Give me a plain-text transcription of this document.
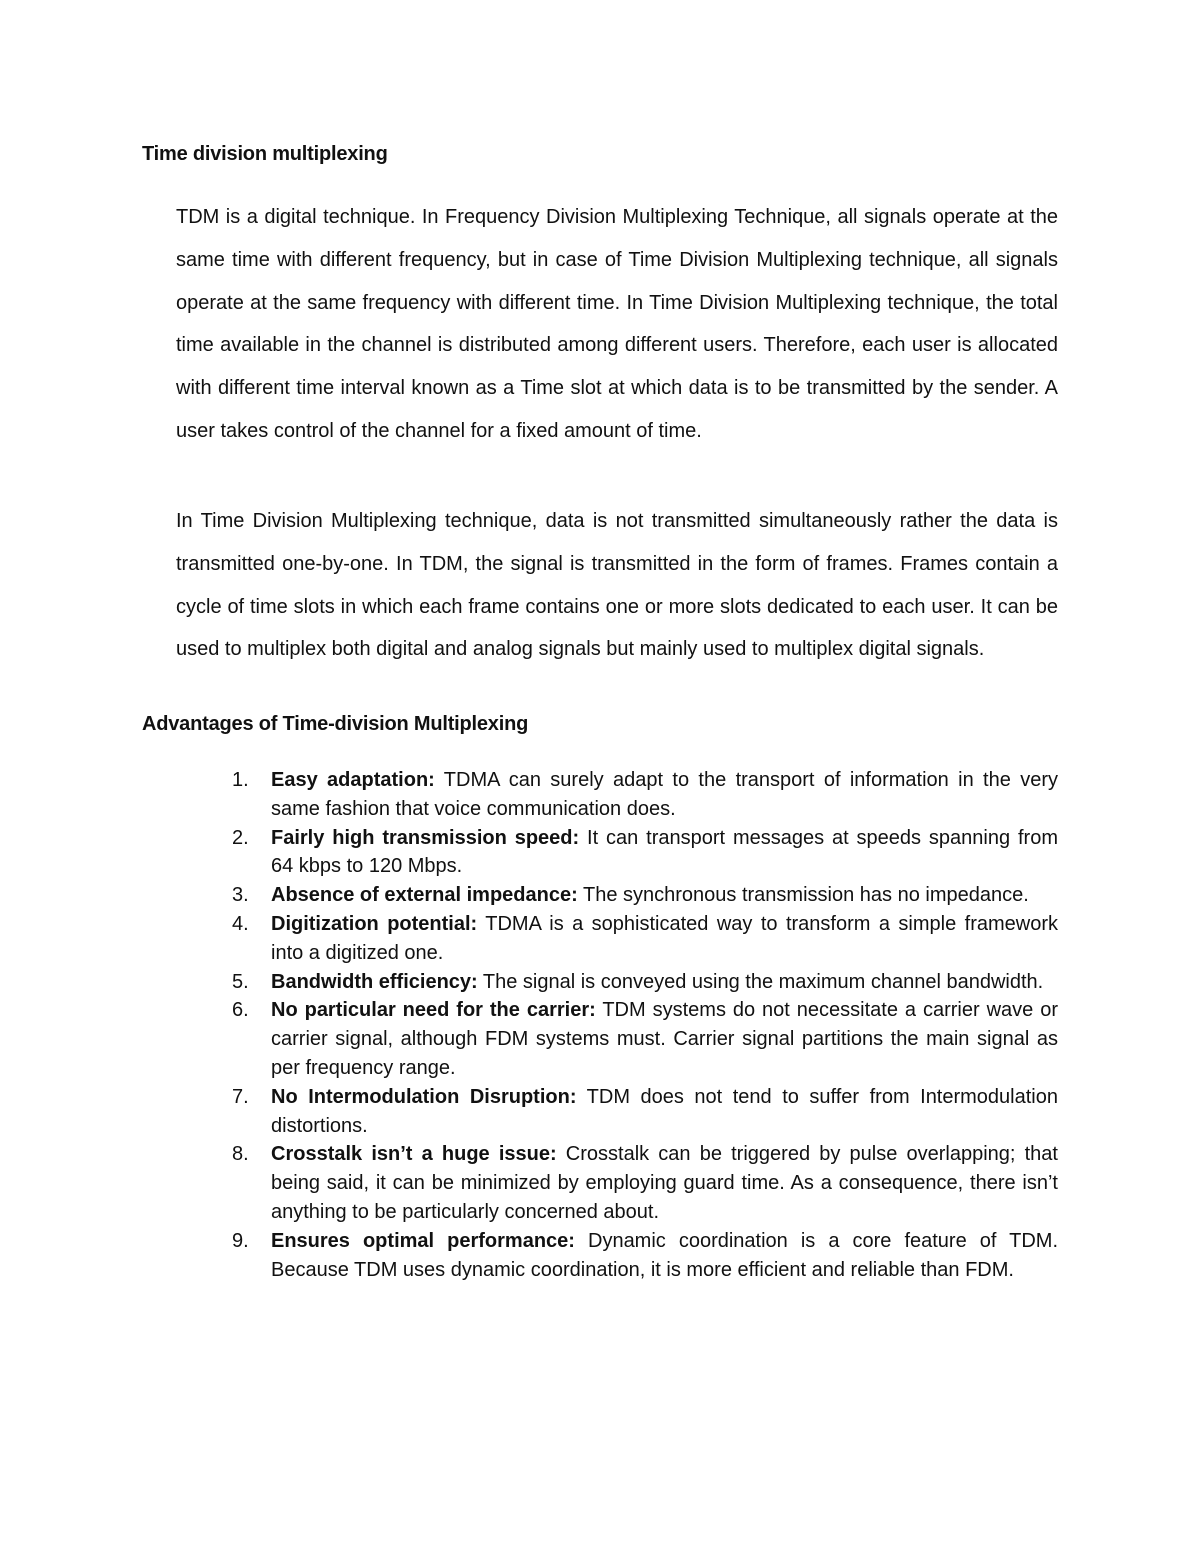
Time division multiplexing

TDM is a digital technique. In Frequency Division Multiplexing Technique, all signals operate at the same time with different frequency, but in case of Time Division Multiplexing technique, all signals operate at the same frequency with different time. In Time Division Multiplexing technique, the total time available in the channel is distributed among different users. Therefore, each user is allocated with different time interval known as a Time slot at which data is to be transmitted by the sender. A user takes control of the channel for a fixed amount of time.

In Time Division Multiplexing technique, data is not transmitted simultaneously rather the data is transmitted one-by-one. In TDM, the signal is transmitted in the form of frames. Frames contain a cycle of time slots in which each frame contains one or more slots dedicated to each user. It can be used to multiplex both digital and analog signals but mainly used to multiplex digital signals.

Advantages of Time-division Multiplexing
1.	Easy adaptation: TDMA can surely adapt to the transport of information in the very same fashion that voice communication does.
2.	Fairly high transmission speed: It can transport messages at speeds spanning from 64 kbps to 120 Mbps.
3.	Absence of external impedance: The synchronous transmission has no impedance.
4.	Digitization potential: TDMA is a sophisticated way to transform a simple framework into a digitized one.
5.	Bandwidth efficiency: The signal is conveyed using the maximum channel bandwidth.
6.	No particular need for the carrier: TDM systems do not necessitate a carrier wave or carrier signal, although FDM systems must. Carrier signal partitions the main signal as per frequency range.
7.	No Intermodulation Disruption: TDM does not tend to suffer from Intermodulation distortions.
8.	Crosstalk isn’t a huge issue: Crosstalk can be triggered by pulse overlapping; that being said, it can be minimized by employing guard time. As a consequence, there isn’t anything to be particularly concerned about.
9.	Ensures optimal performance: Dynamic coordination is a core feature of TDM. Because TDM uses dynamic coordination, it is more efficient and reliable than FDM.
